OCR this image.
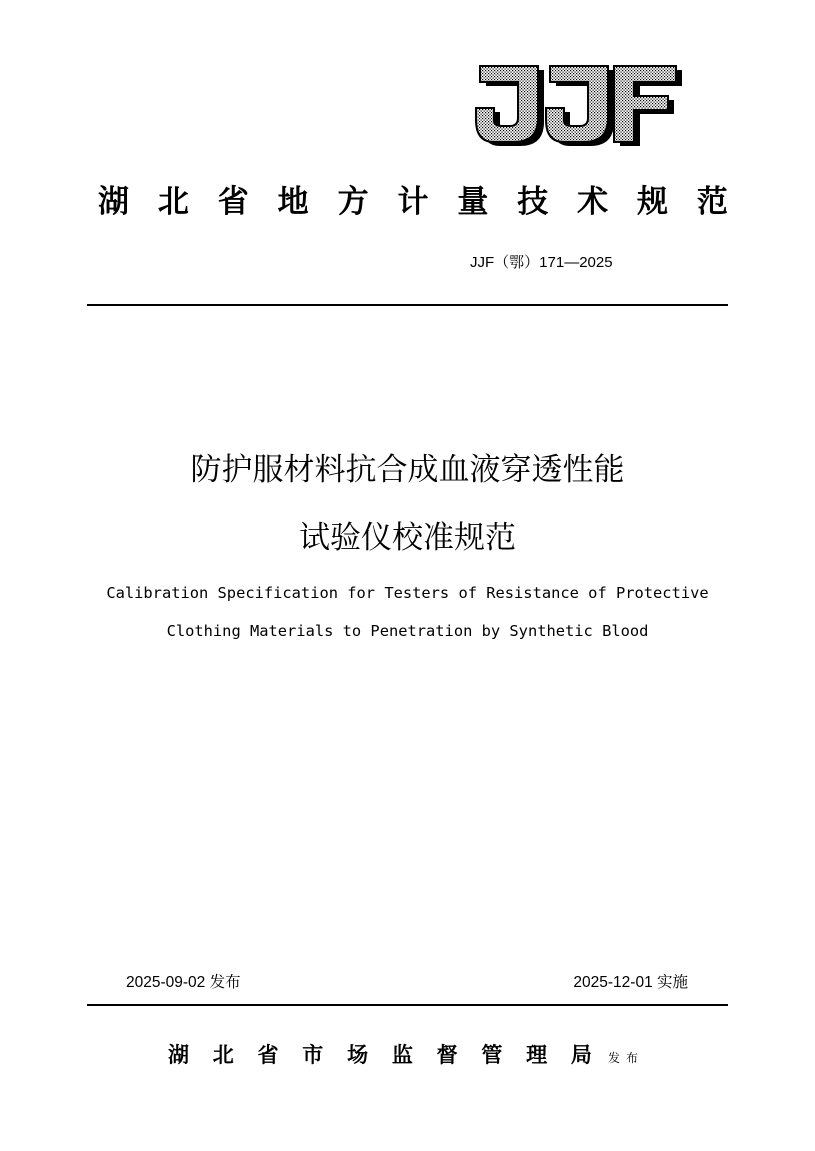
湖 北 省 地 方 计 量 技 术 规 范
JJF（鄂）171—2025
防护服材料抗合成血液穿透性能
试验仪校准规范
Calibration Specification for Testers of Resistance of Protective
Clothing Materials to Penetration by Synthetic Blood
2025-09-02 发布	2025-12-01 实施
湖 北 省 市 场 监 督 管 理 局 发布
